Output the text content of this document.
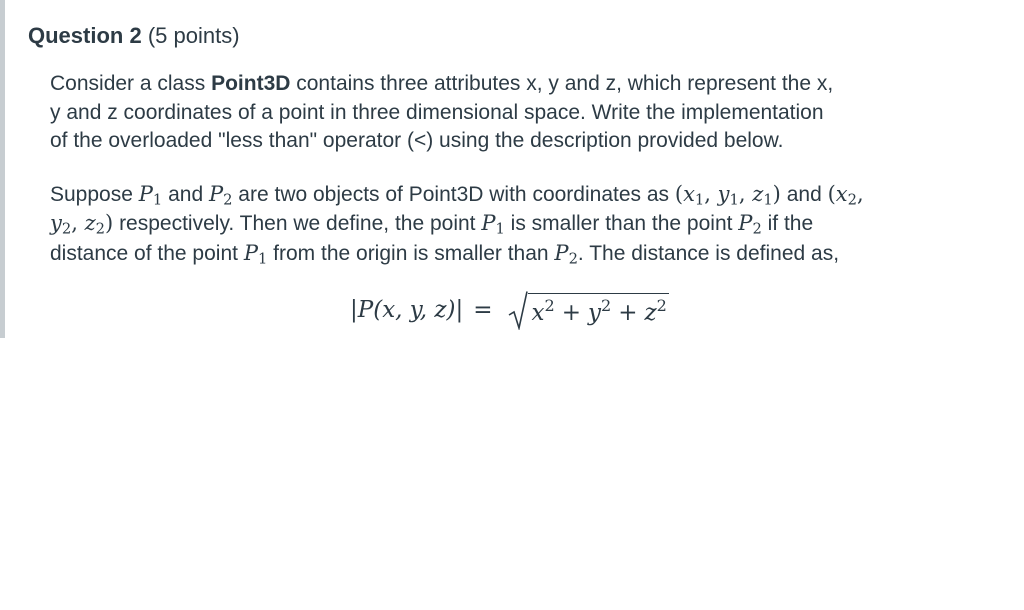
Question 2 (5 points)
Consider a class Point3D contains three attributes x, y and z, which represent the x,
y and z coordinates of a point in three dimensional space. Write the implementation
of the overloaded "less than" operator (<) using the description provided below.
Suppose $P_1$ and $P_2$ are two objects of Point3D with coordinates as ($x_1$, $y_1$, $z_1$) and ($x_2$,
$y_2$, $z_2$) respectively. Then we define, the point $P_1$ is smaller than the point $P_2$ if the
distance of the point $P_1$ from the origin is smaller than $P_2$. The distance is defined as,
|P(x, y, $z)| = x^2 + y^2 + z^2$
